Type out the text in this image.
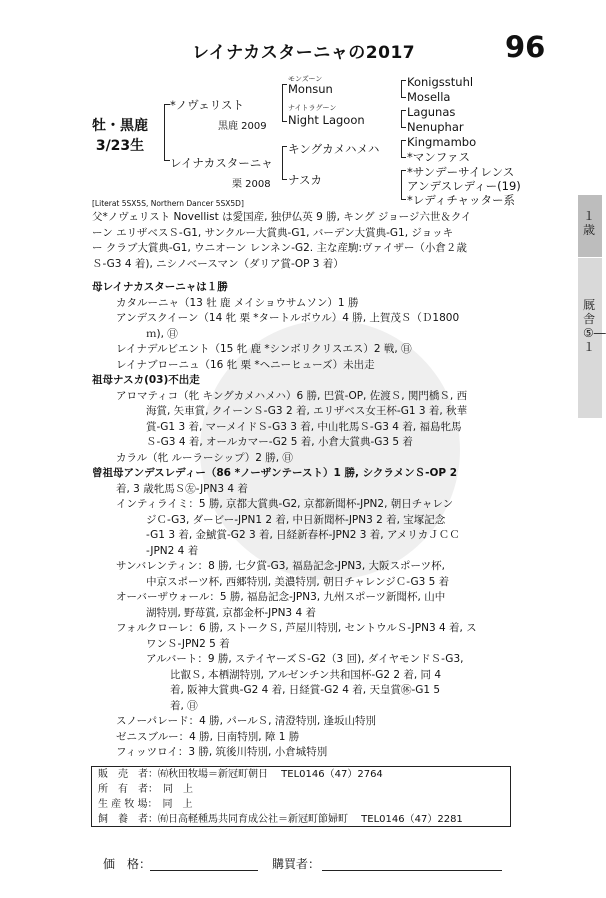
レイナカスターニャの2017	96
牡・黒鹿
3/23生
*ノヴェリスト
黒鹿 2009
レイナカスターニャ
栗 2008
モンズーン
Monsun
ナイトラグーン
Night Lagoon
キングカメハメハ
ナスカ
Konigsstuhl
Mosella
Lagunas
Nenuphar
Kingmambo
*マンファス
*サンデーサイレンス
アンデスレディー(19)
*レディチャッター系
[Literat 5SX5S, Northern Dancer 5SX5D]
父*ノヴェリスト Novellist は愛国産, 独伊仏英 9 勝, キング ジョージ六世＆クイ
ーン エリザベスＳ-G1, サンクルー大賞典-G1, バーデン大賞典-G1, ジョッキ
ー クラブ大賞典-G1, ウニオーン レンネン-G2. 主な産駒:ヴァイザー（小倉２歳
Ｓ-G3 4 着), ニシノベースマン（ダリア賞-OP 3 着）
母レイナカスターニャは１勝
カタルーニャ（13 牡 鹿 メイショウサムソン）1 勝
アンデスクイーン（14 牝 栗 *タートルボウル）4 勝, 上賀茂Ｓ（Ｄ1800
ｍ), ㊐
レイナデルビエント（15 牝 鹿 *シンボリクリスエス）2 戦, ㊐
レイナブローニュ（16 牝 栗 *ヘニーヒューズ）未出走
祖母ナスカ(03)不出走
アロマティコ（牝 キングカメハメハ）6 勝, 巴賞-OP, 佐渡Ｓ, 関門橋Ｓ, 西
海賞, 矢車賞, クイーンＳ-G3 2 着, エリザベス女王杯-G1 3 着, 秋華
賞-G1 3 着, マーメイドＳ-G3 3 着, 中山牝馬Ｓ-G3 4 着, 福島牝馬
Ｓ-G3 4 着, オールカマー-G2 5 着, 小倉大賞典-G3 5 着
カラル（牝 ルーラーシップ）2 勝, ㊐
曾祖母アンデスレディー（86 *ノーザンテースト）1 勝, シクラメンＳ-OP 2
着, 3 歳牝馬Ｓ㊧-JPN3 4 着
インティライミ：5 勝, 京都大賞典-G2, 京都新聞杯-JPN2, 朝日チャレン
ジＣ-G3, ダービー-JPN1 2 着, 中日新聞杯-JPN3 2 着, 宝塚記念
-G1 3 着, 金鯱賞-G2 3 着, 日経新春杯-JPN2 3 着, アメリカＪＣＣ
-JPN2 4 着
サンバレンティン：8 勝, 七夕賞-G3, 福島記念-JPN3, 大阪スポーツ杯,
中京スポーツ杯, 西郷特別, 美濃特別, 朝日チャレンジＣ-G3 5 着
オーバーザウォール：5 勝, 福島記念-JPN3, 九州スポーツ新聞杯, 山中
湖特別, 野苺賞, 京都金杯-JPN3 4 着
フォルクローレ：6 勝, ストークＳ, 芦屋川特別, セントウルＳ-JPN3 4 着, ス
ワンＳ-JPN2 5 着
アルバート：9 勝, ステイヤーズＳ-G2（3 回), ダイヤモンドＳ-G3,
比叡Ｓ, 本栖湖特別, アルゼンチン共和国杯-G2 2 着, 同 4
着, 阪神大賞典-G2 4 着, 日経賞-G2 4 着, 天皇賞㊡-G1 5
着, ㊐
スノーパレード：4 勝, パールＳ, 清澄特別, 逢坂山特別
ゼニスブルー：4 勝, 日南特別, 障 1 勝
フィッツロイ：3 勝, 筑後川特別, 小倉城特別
販　売　者：㈲秋田牧場＝新冠町朝日　 TEL0146（47）2764
所　有　者：　同　上
生 産 牧 場：　同　上
飼　養　者：㈲日高軽種馬共同育成公社＝新冠町節婦町　 TEL0146（47）2281
価　格：	購買者：
１歳
厩舎⑤―１
